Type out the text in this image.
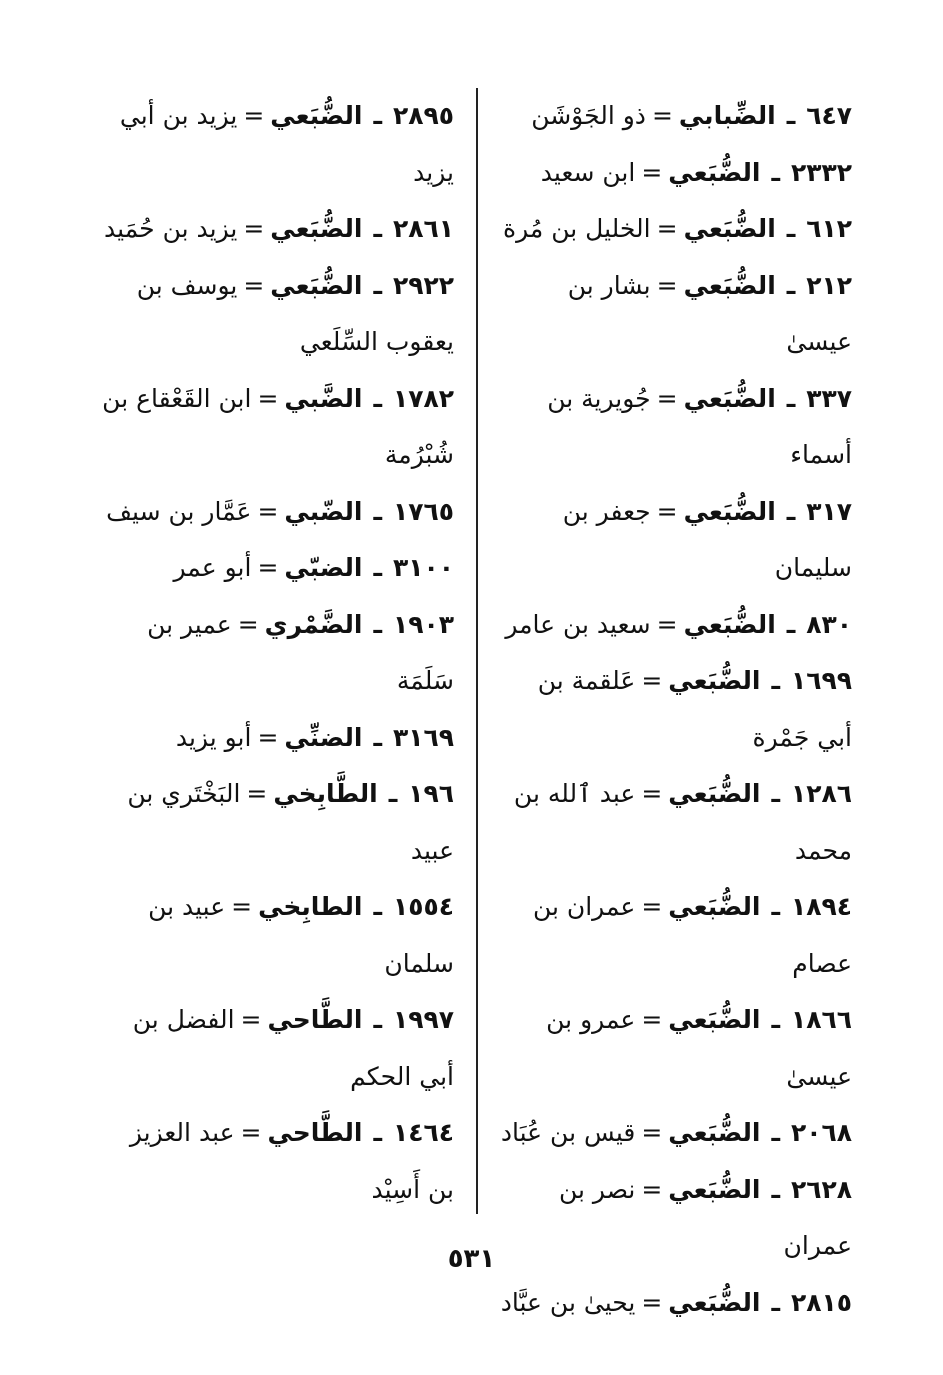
٦٤٧ ـ الضِّبابي=ذو الجَوْشَن

٢٣٣٢ ـ الضُّبَعي=ابن سعيد

٦١٢ ـ الضُّبَعي=الخليل بن مُرة

٢١٢ ـ الضُّبَعي=بشار بن عيسىٰ

٣٣٧ ـ الضُّبَعي=جُويرية بن أسماء

٣١٧ ـ الضُّبَعي=جعفر بن سليمان

٨٣٠ ـ الضُّبَعي=سعيد بن عامر

١٦٩٩ ـ الضُّبَعي=عَلقمة بن أبي جَمْرة

١٢٨٦ ـ الضُّبَعي=عبد ٱلله بن محمد

١٨٩٤ ـ الضُّبَعي=عمران بن عصام

١٨٦٦ ـ الضُّبَعي=عمرو بن عيسىٰ

٢٠٦٨ ـ الضُّبَعي=قيس بن عُبَاد

٢٦٢٨ ـ الضُّبَعي=نصر بن عمران

٢٨١٥ ـ الضُّبَعي=يحيىٰ بن عبَّاد

٢٨٩٥ ـ الضُّبَعي=يزيد بن أبي يزيد

٢٨٦١ ـ الضُّبَعي=يزيد بن حُمَيد

٢٩٢٢ ـ الضُّبَعي=يوسف بن يعقوب السِّلَعي

١٧٨٢ ـ الضَّبي=ابن القَعْقاع بن شُبْرُمة

١٧٦٥ ـ الضّبي=عَمَّار بن سيف

٣١٠٠ ـ الضبّي=أبو عمر

١٩٠٣ ـ الضَّمْري=عمير بن سَلَمَة

٣١٦٩ ـ الضنِّي=أبو يزيد

١٩٦ ـ الطَّابِخي=البَخْتَري بن عبيد

١٥٥٤ ـ الطابِخي=عبيد بن سلمان

١٩٩٧ ـ الطَّاحي=الفضل بن أبي الحكم

١٤٦٤ ـ الطَّاحي=عبد العزيز بن أَسِيْد

٥٣١
